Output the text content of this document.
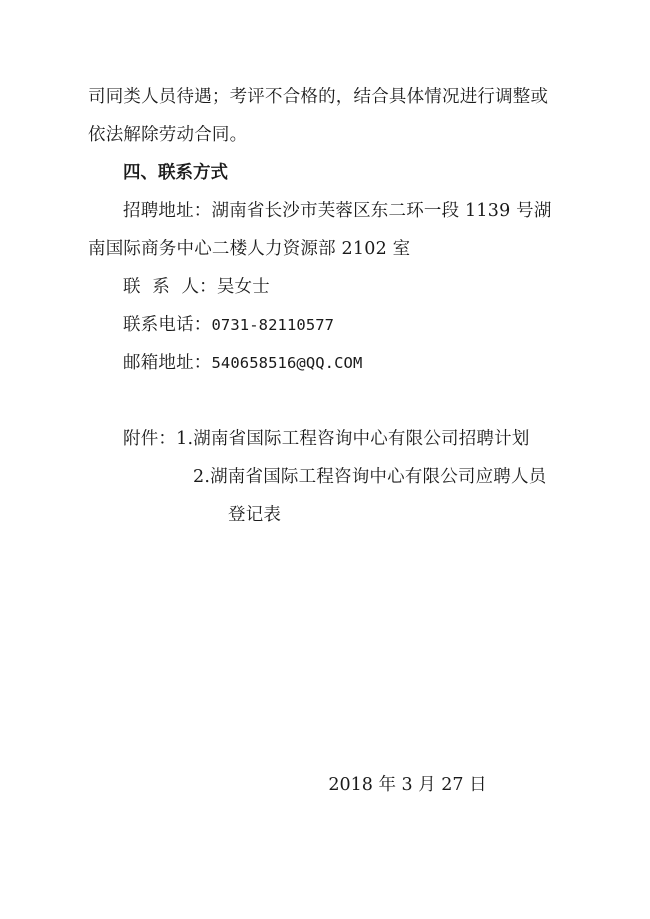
司同类人员待遇；考评不合格的，结合具体情况进行调整或
依法解除劳动合同。
四、联系方式
招聘地址：湖南省长沙市芙蓉区东二环一段 1139 号湖
南国际商务中心二楼人力资源部 2102 室
联  系  人：吴女士
联系电话：0731-82110577
邮箱地址：540658516@QQ.COM
附件：1.湖南省国际工程咨询中心有限公司招聘计划
2.湖南省国际工程咨询中心有限公司应聘人员
登记表
2018 年 3 月 27 日
